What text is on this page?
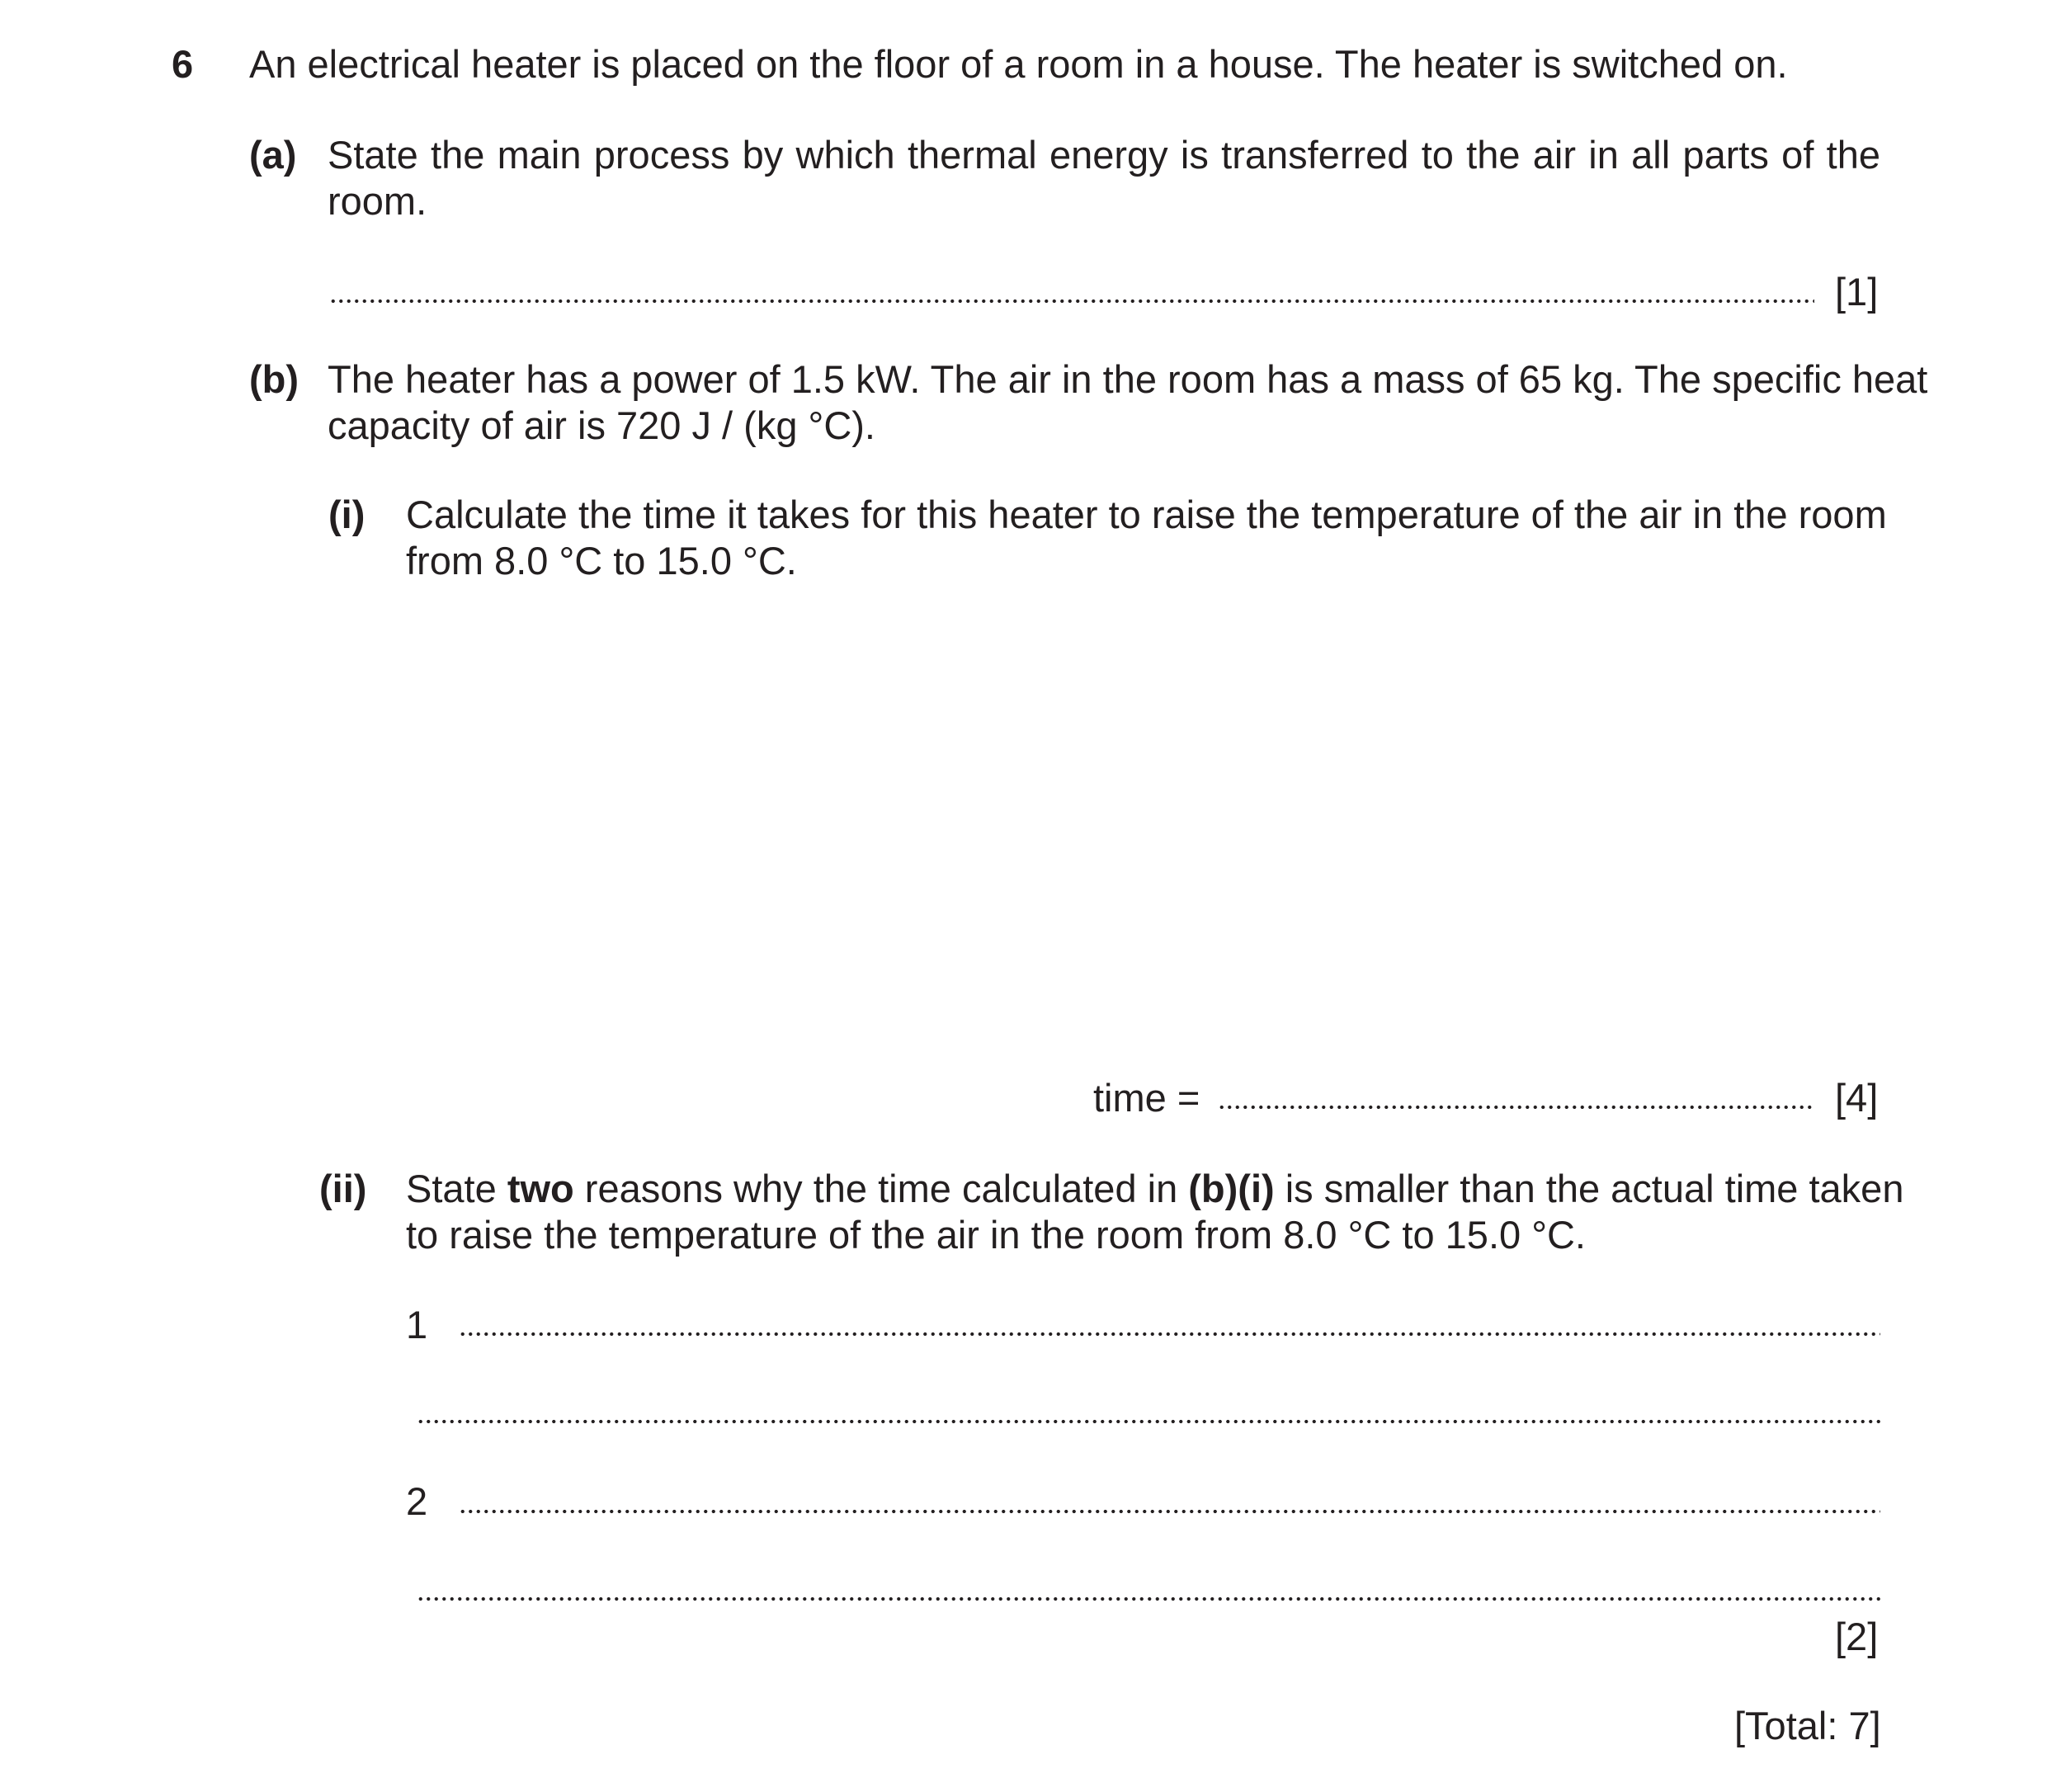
6 An electrical heater is placed on the floor of a room in a house. The heater is switched on.
(a) State the main process by which thermal energy is transferred to the air in all parts of the
room.
[1]
(b) The heater has a power of 1.5 kW. The air in the room has a mass of 65 kg. The specific heat
capacity of air is 720 J / (kg °C).
(i) Calculate the time it takes for this heater to raise the temperature of the air in the room
from 8.0 °C to 15.0 °C.
time =	[4]
(ii) State two reasons why the time calculated in (b)(i) is smaller than the actual time taken
to raise the temperature of the air in the room from 8.0 °C to 15.0 °C.
1
2
[2]
[Total: 7]
